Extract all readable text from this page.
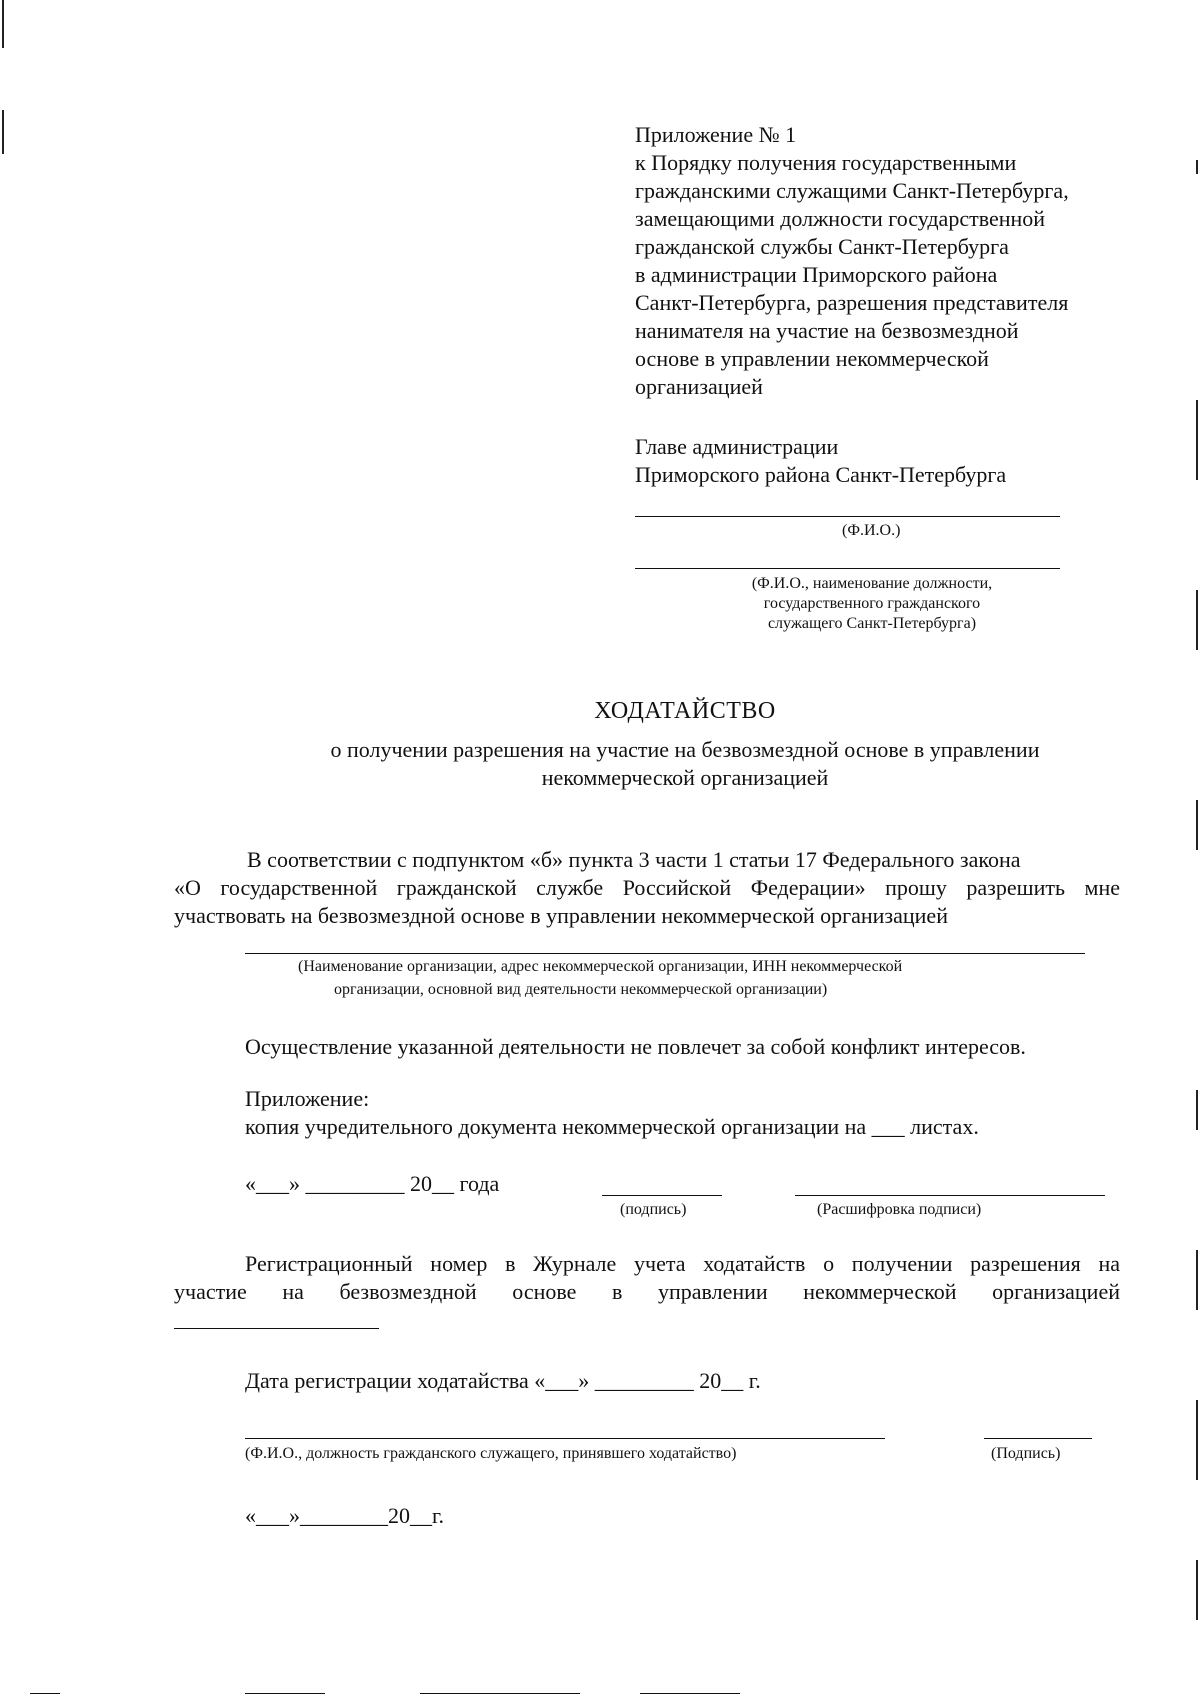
Приложение № 1
к Порядку получения государственными
гражданскими служащими Санкт-Петербурга,
замещающими должности государственной
гражданской службы Санкт-Петербурга
в администрации Приморского района
Санкт-Петербурга, разрешения представителя
нанимателя на участие на безвозмездной
основе в управлении некоммерческой
организацией
Главе администрации
Приморского района Санкт-Петербурга
(Ф.И.О.)
(Ф.И.О., наименование должности,
государственного гражданского
служащего Санкт-Петербурга)
ХОДАТАЙСТВО
о получении разрешения на участие на безвозмездной основе в управлении
некоммерческой организацией
В соответствии с подпунктом «б» пункта 3 части 1 статьи 17 Федерального закона
«О государственной гражданской службе Российской Федерации» прошу разрешить мне
участвовать на безвозмездной основе в управлении некоммерческой организацией
(Наименование организации, адрес некоммерческой организации, ИНН некоммерческой
организации, основной вид деятельности некоммерческой организации)
Осуществление указанной деятельности не повлечет за собой конфликт интересов.
Приложение:
копия учредительного документа некоммерческой организации на ___ листах.
«___» _________ 20__ года
(подпись)	(Расшифровка подписи)
Регистрационный номер в Журнале учета ходатайств о получении разрешения на
участие на безвозмездной основе в управлении некоммерческой организацией
Дата регистрации ходатайства «___» _________ 20__ г.
(Ф.И.О., должность гражданского служащего, принявшего ходатайство)	(Подпись)
«___»________20__г.
